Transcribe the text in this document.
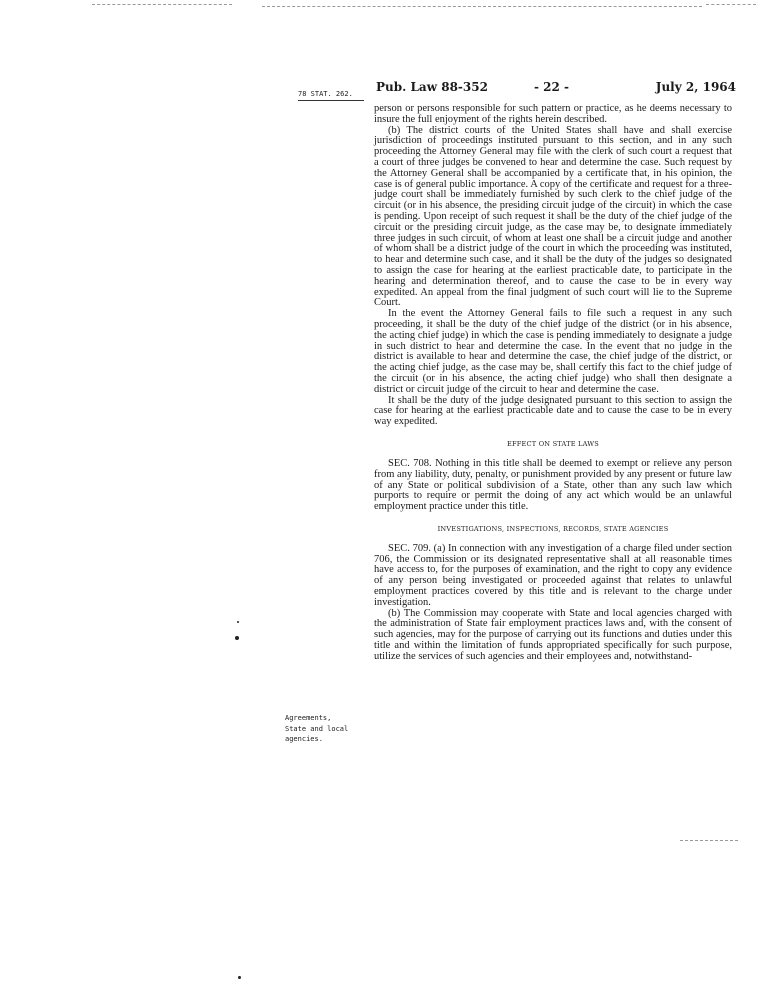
Pub. Law 88-352	- 22 -	July 2, 1964
78 STAT. 262.

person or persons responsible for such pattern or practice, as he deems necessary to insure the full enjoyment of the rights herein described.

(b) The district courts of the United States shall have and shall exercise jurisdiction of proceedings instituted pursuant to this section, and in any such proceeding the Attorney General may file with the clerk of such court a request that a court of three judges be convened to hear and determine the case. Such request by the Attorney General shall be accompanied by a certificate that, in his opinion, the case is of general public importance. A copy of the certificate and request for a three-judge court shall be immediately furnished by such clerk to the chief judge of the circuit (or in his absence, the presiding circuit judge of the circuit) in which the case is pending. Upon receipt of such request it shall be the duty of the chief judge of the circuit or the presiding circuit judge, as the case may be, to designate immediately three judges in such circuit, of whom at least one shall be a circuit judge and another of whom shall be a district judge of the court in which the proceeding was instituted, to hear and determine such case, and it shall be the duty of the judges so designated to assign the case for hearing at the earliest practicable date, to participate in the hearing and determination thereof, and to cause the case to be in every way expedited. An appeal from the final judgment of such court will lie to the Supreme Court.

In the event the Attorney General fails to file such a request in any such proceeding, it shall be the duty of the chief judge of the district (or in his absence, the acting chief judge) in which the case is pending immediately to designate a judge in such district to hear and determine the case. In the event that no judge in the district is available to hear and determine the case, the chief judge of the district, or the acting chief judge, as the case may be, shall certify this fact to the chief judge of the circuit (or in his absence, the acting chief judge) who shall then designate a district or circuit judge of the circuit to hear and determine the case.

It shall be the duty of the judge designated pursuant to this section to assign the case for hearing at the earliest practicable date and to cause the case to be in every way expedited.

EFFECT ON STATE LAWS

SEC. 708. Nothing in this title shall be deemed to exempt or relieve any person from any liability, duty, penalty, or punishment provided by any present or future law of any State or political subdivision of a State, other than any such law which purports to require or permit the doing of any act which would be an unlawful employment practice under this title.

INVESTIGATIONS, INSPECTIONS, RECORDS, STATE AGENCIES

SEC. 709. (a) In connection with any investigation of a charge filed under section 706, the Commission or its designated representative shall at all reasonable times have access to, for the purposes of examination, and the right to copy any evidence of any person being investigated or proceeded against that relates to unlawful employment practices covered by this title and is relevant to the charge under investigation.

(b) The Commission may cooperate with State and local agencies charged with the administration of State fair employment practices laws and, with the consent of such agencies, may for the purpose of carrying out its functions and duties under this title and within the limitation of funds appropriated specifically for such purpose, utilize the services of such agencies and their employees and, notwithstand-

Agreements,
State and local
agencies.
